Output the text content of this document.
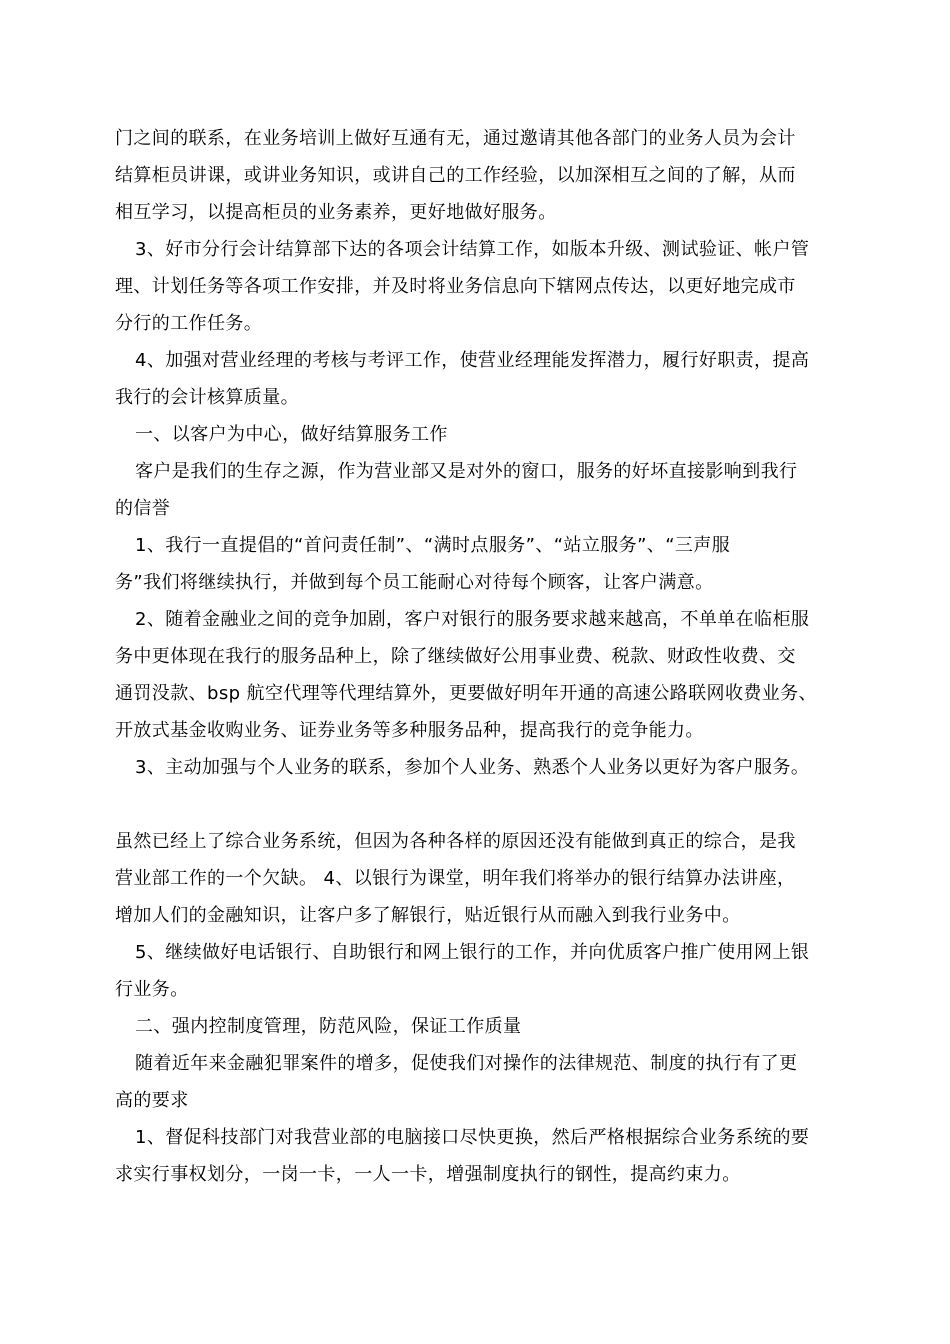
门之间的联系，在业务培训上做好互通有无，通过邀请其他各部门的业务人员为会计
结算柜员讲课，或讲业务知识，或讲自己的工作经验，以加深相互之间的了解，从而
相互学习，以提高柜员的业务素养，更好地做好服务。
3、好市分行会计结算部下达的各项会计结算工作，如版本升级、测试验证、帐户管
理、计划任务等各项工作安排，并及时将业务信息向下辖网点传达，以更好地完成市
分行的工作任务。
4、加强对营业经理的考核与考评工作，使营业经理能发挥潜力，履行好职责，提高
我行的会计核算质量。
一、以客户为中心，做好结算服务工作
客户是我们的生存之源，作为营业部又是对外的窗口，服务的好坏直接影响到我行
的信誉
1、我行一直提倡的“首问责任制”、“满时点服务”、“站立服务”、“三声服
务”我们将继续执行，并做到每个员工能耐心对待每个顾客，让客户满意。
2、随着金融业之间的竞争加剧，客户对银行的服务要求越来越高，不单单在临柜服
务中更体现在我行的服务品种上，除了继续做好公用事业费、税款、财政性收费、交
通罚没款、bsp 航空代理等代理结算外，更要做好明年开通的高速公路联网收费业务、
开放式基金收购业务、证券业务等多种服务品种，提高我行的竞争能力。
3、主动加强与个人业务的联系，参加个人业务、熟悉个人业务以更好为客户服务。
虽然已经上了综合业务系统，但因为各种各样的原因还没有能做到真正的综合，是我
营业部工作的一个欠缺。 4、以银行为课堂，明年我们将举办的银行结算办法讲座，
增加人们的金融知识，让客户多了解银行，贴近银行从而融入到我行业务中。
5、继续做好电话银行、自助银行和网上银行的工作，并向优质客户推广使用网上银
行业务。
二、强内控制度管理，防范风险，保证工作质量
随着近年来金融犯罪案件的增多，促使我们对操作的法律规范、制度的执行有了更
高的要求
1、督促科技部门对我营业部的电脑接口尽快更换，然后严格根据综合业务系统的要
求实行事权划分，一岗一卡，一人一卡，增强制度执行的钢性，提高约束力。
